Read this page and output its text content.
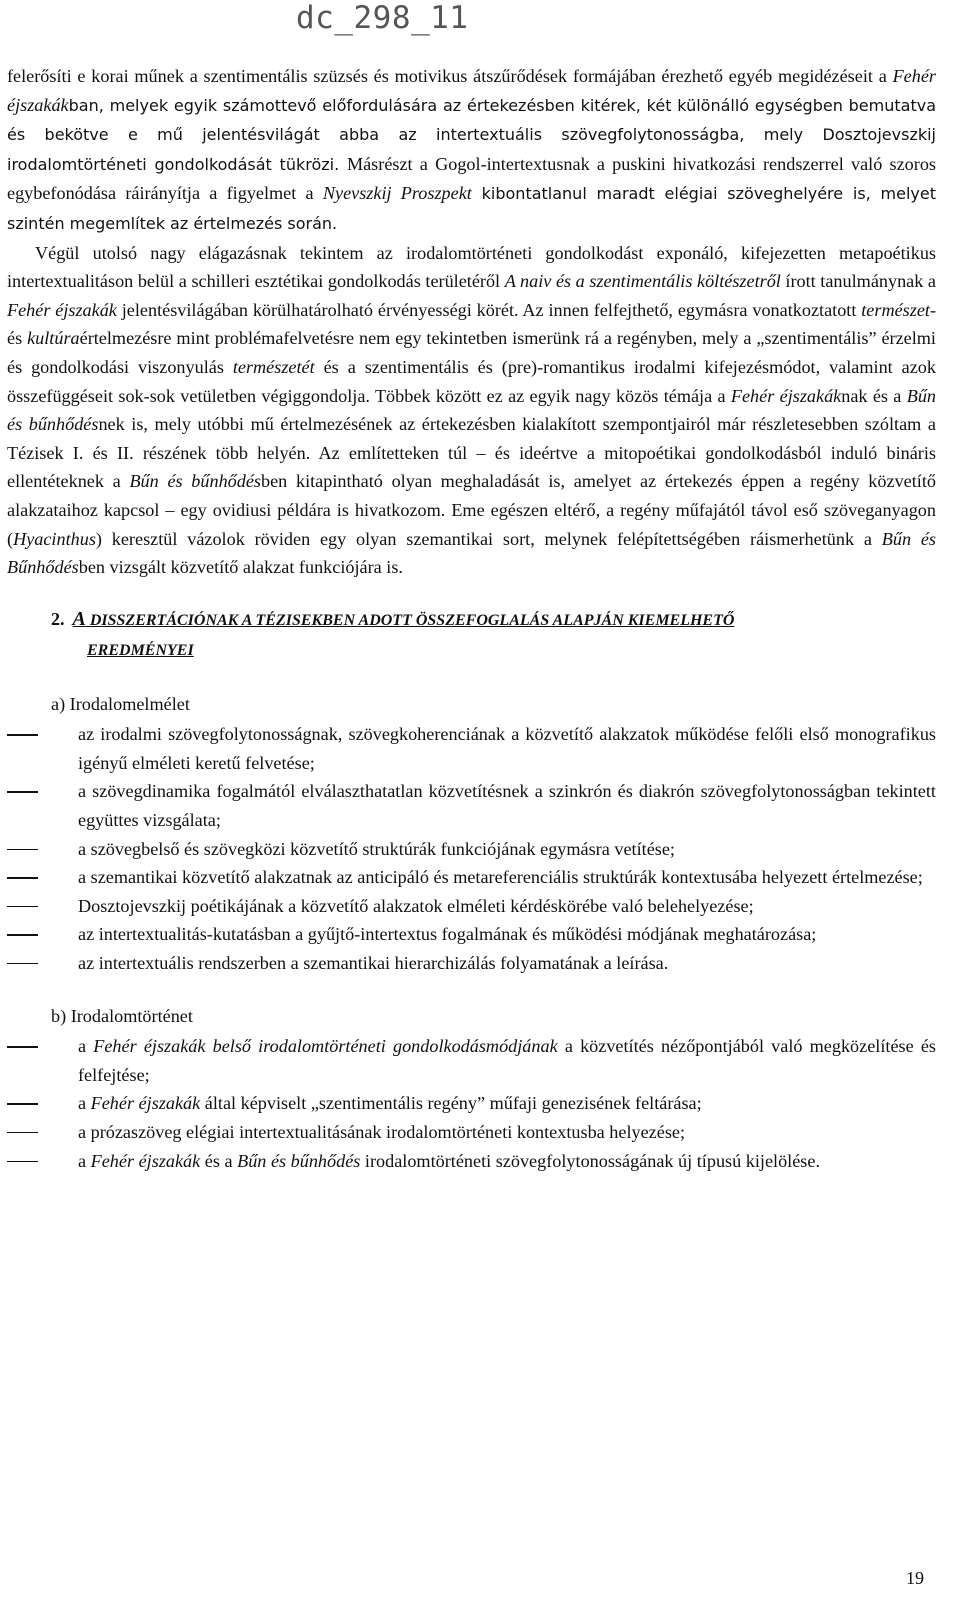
dc_298_11

felerősíti e korai műnek a szentimentális szüzsés és motivikus átszűrődések formájában érezhető egyéb megidézéseit a Fehér éjszakákban, melyek egyik számottevő előfordulására az értekezésben kitérek, két különálló egységben bemutatva és bekötve e mű jelentésvilágát abba az intertextuális szövegfolytonosságba, mely Dosztojevszkij irodalomtörténeti gondolkodását tükrözi. Másrészt a Gogol-intertextusnak a puskini hivatkozási rendszerrel való szoros egybefonódása ráirányítja a figyelmet a Nyevszkij Proszpekt kibontatlanul maradt elégiai szöveghelyére is, melyet szintén megemlítek az értelmezés során.

Végül utolsó nagy elágazásnak tekintem az irodalomtörténeti gondolkodást exponáló, kifejezetten metapoétikus intertextualitáson belül a schilleri esztétikai gondolkodás területéről A naiv és a szentimentális költészetről írott tanulmánynak a Fehér éjszakák jelentésvilágában körülhatárolható érvényességi körét. Az innen felfejthető, egymásra vonatkoztatott természet- és kultúraértelmezésre mint problémafelvetésre nem egy tekintetben ismerünk rá a regényben, mely a „szentimentális” érzelmi és gondolkodási viszonyulás természetét és a szentimentális és (pre)-romantikus irodalmi kifejezésmódot, valamint azok összefüggéseit sok-sok vetületben végiggondolja. Többek között ez az egyik nagy közös témája a Fehér éjszakáknak és a Bűn és bűnhődésnek is, mely utóbbi mű értelmezésének az értekezésben kialakított szempontjairól már részletesebben szóltam a Tézisek I. és II. részének több helyén. Az említetteken túl – és ideértve a mitopoétikai gondolkodásból induló bináris ellentéteknek a Bűn és bűnhődésben kitapintható olyan meghaladását is, amelyet az értekezés éppen a regény közvetítő alakzataihoz kapcsol – egy ovidiusi példára is hivatkozom. Eme egészen eltérő, a regény műfajától távol eső szöveganyagon (Hyacinthus) keresztül vázolok röviden egy olyan szemantikai sort, melynek felépítettségében ráismerhetünk a Bűn és Bűnhődésben vizsgált közvetítő alakzat funkciójára is.

2. A DISSZERTÁCIÓNAK A TÉZISEKBEN ADOTT ÖSSZEFOGLALÁS ALAPJÁN KIEMELHETŐ
EREDMÉNYEI
a) Irodalomelmélet
az irodalmi szövegfolytonosságnak, szövegkoherenciának a közvetítő alakzatok működése felőli első monografikus igényű elméleti keretű felvetése;
a szövegdinamika fogalmától elválaszthatatlan közvetítésnek a szinkrón és diakrón szövegfolytonosságban tekintett együttes vizsgálata;
a szövegbelső és szövegközi közvetítő struktúrák funkciójának egymásra vetítése;
a szemantikai közvetítő alakzatnak az anticipáló és metareferenciális struktúrák kontextusába helyezett értelmezése;
Dosztojevszkij poétikájának a közvetítő alakzatok elméleti kérdéskörébe való belehelyezése;
az intertextualitás-kutatásban a gyűjtő-intertextus fogalmának és működési módjának meghatározása;
az intertextuális rendszerben a szemantikai hierarchizálás folyamatának a leírása.
b) Irodalomtörténet
a Fehér éjszakák belső irodalomtörténeti gondolkodásmódjának a közvetítés nézőpontjából való megközelítése és felfejtése;
a Fehér éjszakák által képviselt „szentimentális regény” műfaji genezisének feltárása;
a prózaszöveg elégiai intertextualitásának irodalomtörténeti kontextusba helyezése;
a Fehér éjszakák és a Bűn és bűnhődés irodalomtörténeti szövegfolytonosságának új típusú kijelölése.
19
